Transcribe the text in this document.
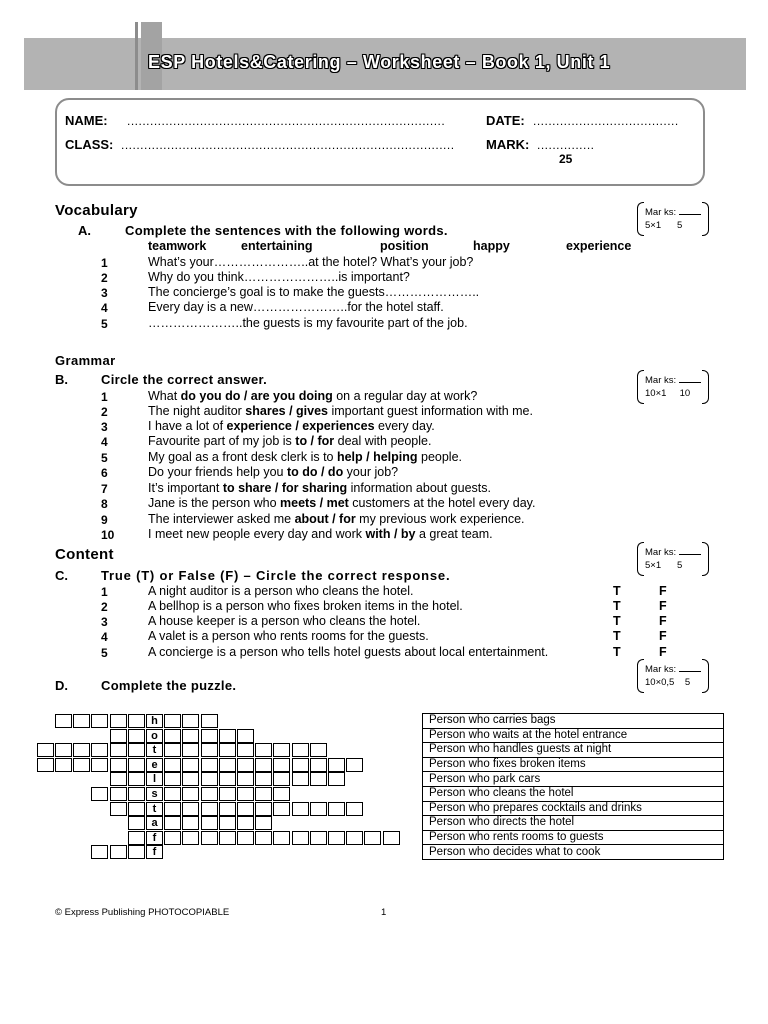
ESP Hotels&Catering – Worksheet – Book 1, Unit 1
NAME: ...................................................................................	DATE: ......................................
CLASS: ....................................................................................... MARK: ...............
25
Vocabulary
A.	Complete the sentences with the following words.
Mar ks:
5×1 5
teamwork	entertaining	position	happy	experience
1	What’s your…………………..at the hotel? What’s your job?
2	Why do you think…………………..is important?
3	The concierge’s goal is to make the guests…………………..
4	Every day is a new…………………..for the hotel staff.
5	…………………..the guests is my favourite part of the job.
Grammar
B.	Circle the correct answer.	Mar ks:
10×1 10
1	What do you do / are you doing on a regular day at work?
2	The night auditor shares / gives important guest information with me.
3	I have a lot of experience / experiences every day.
4	Favourite part of my job is to / for deal with people.
5	My goal as a front desk clerk is to help / helping people.
6	Do your friends help you to do / do your job?
7	It’s important to share / for sharing information about guests.
8	Jane is the person who meets / met customers at the hotel every day.
9	The interviewer asked me about / for my previous work experience.
10	I meet new people every day and work with / by a great team.
Content
C.	True (T) or False (F) – Circle the correct response.
Mar ks:
5×1 5
1	A night auditor is a person who cleans the hotel.	T	F
2	A bellhop is a person who fixes broken items in the hotel.	T	F
3	A house keeper is a person who cleans the hotel.	T	F
4	A valet is a person who rents rooms for the guests.	T	F
5	A concierge is a person who tells hotel guests about local entertainment.	T	F
D.	Complete the puzzle.
Mar ks:
10×0,5 5
h
o
t
e
l
s
t
a
f
f
Person who carries bags
Person who waits at the hotel entrance
Person who handles guests at night
Person who fixes broken items
Person who park cars
Person who cleans the hotel
Person who prepares cocktails and drinks
Person who directs the hotel
Person who rents rooms to guests
Person who decides what to cook
© Express Publishing PHOTOCOPIABLE	1
